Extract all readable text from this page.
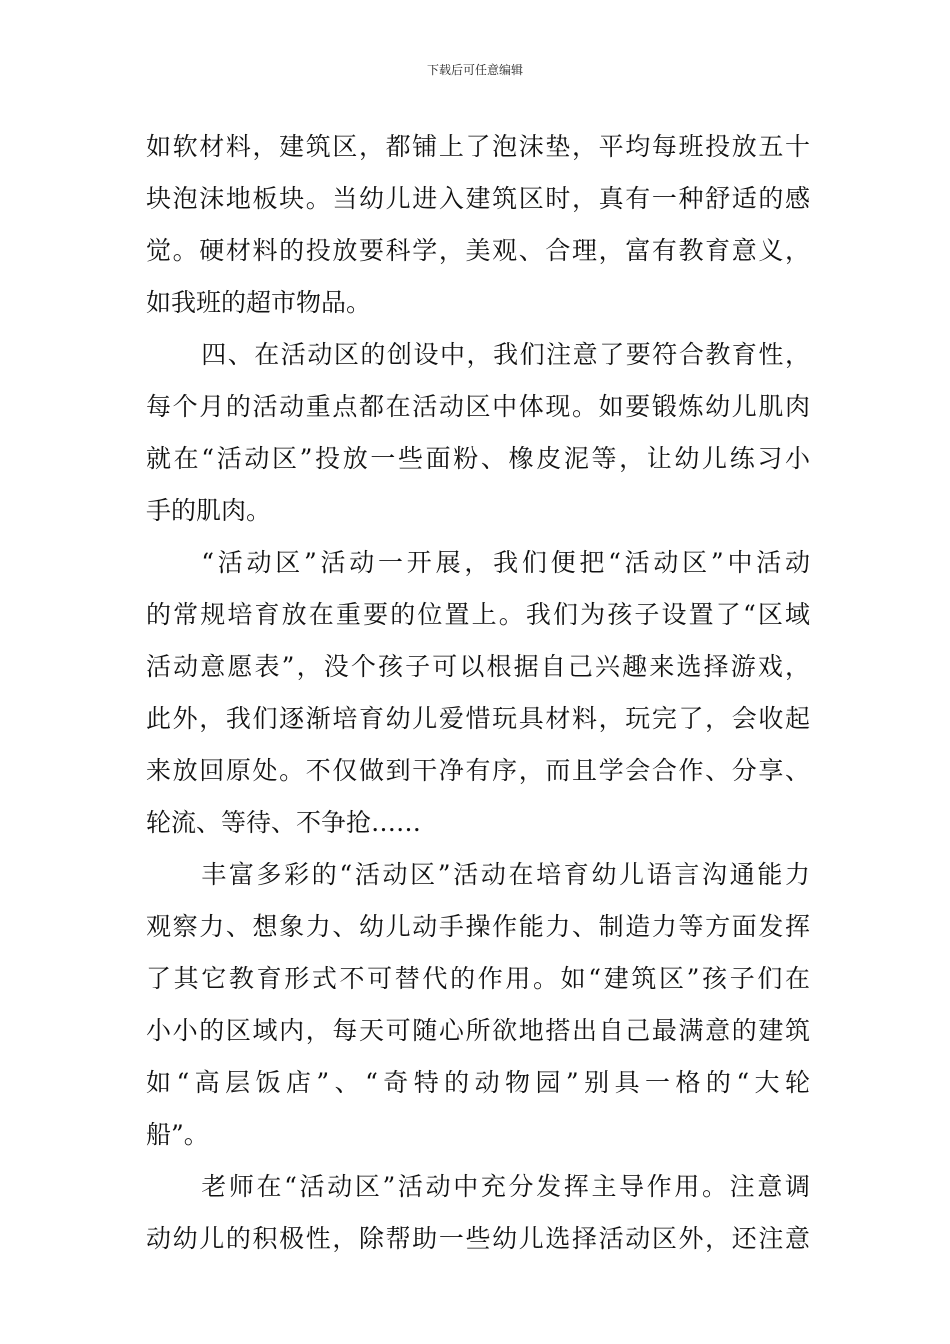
下载后可任意编辑
如软材料，建筑区，都铺上了泡沫垫，平均每班投放五十
块泡沫地板块。当幼儿进入建筑区时，真有一种舒适的感
觉。硬材料的投放要科学，美观、合理，富有教育意义，
如我班的超市物品。
四、在活动区的创设中，我们注意了要符合教育性，
每个月的活动重点都在活动区中体现。如要锻炼幼儿肌肉
就在“活动区”投放一些面粉、橡皮泥等，让幼儿练习小
手的肌肉。
“活动区”活动一开展，我们便把“活动区”中活动
的常规培育放在重要的位置上。我们为孩子设置了“区域
活动意愿表”，没个孩子可以根据自己兴趣来选择游戏，
此外，我们逐渐培育幼儿爱惜玩具材料，玩完了，会收起
来放回原处。不仅做到干净有序，而且学会合作、分享、
轮流、等待、不争抢……
丰富多彩的“活动区”活动在培育幼儿语言沟通能力
观察力、想象力、幼儿动手操作能力、制造力等方面发挥
了其它教育形式不可替代的作用。如“建筑区”孩子们在
小小的区域内，每天可随心所欲地搭出自己最满意的建筑
如“高层饭店”、“奇特的动物园”别具一格的“大轮
船”。
老师在“活动区”活动中充分发挥主导作用。注意调
动幼儿的积极性，除帮助一些幼儿选择活动区外，还注意
